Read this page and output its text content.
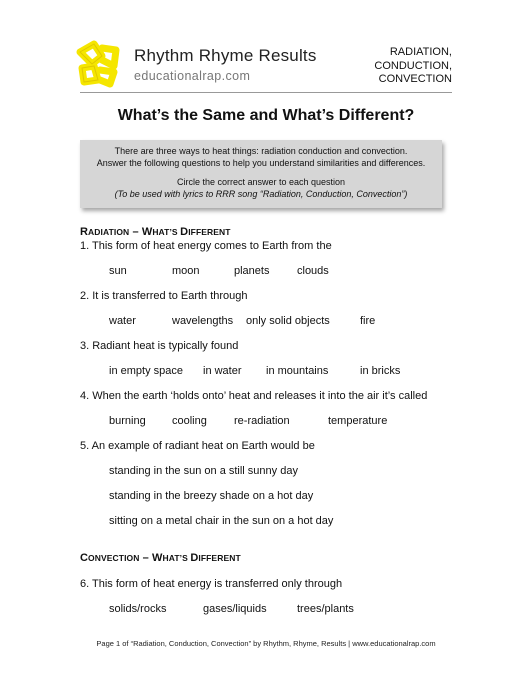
Rhythm Rhyme Results
educationalrap.com
RADIATION,
CONDUCTION,
CONVECTION
What’s the Same and What’s Different?
There are three ways to heat things: radiation conduction and convection.
Answer the following questions to help you understand similarities and differences.
Circle the correct answer to each question
(To be used with lyrics to RRR song “Radiation, Conduction, Convection”)
RADIATION – WHAT’S DIFFERENT
1. This form of heat energy comes to Earth from the
sun	moon	planets	clouds
2. It is transferred to Earth through
water	wavelengths only solid objects	fire
3. Radiant heat is typically found
in empty space in water in mountains	in bricks
4. When the earth ‘holds onto’ heat and releases it into the air it’s called
burning cooling re-radiation	temperature
5. An example of radiant heat on Earth would be
standing in the sun on a still sunny day
standing in the breezy shade on a hot day
sitting on a metal chair in the sun on a hot day
CONVECTION – WHAT’S DIFFERENT
6. This form of heat energy is transferred only through
solids/rocks	gases/liquids	trees/plants
Page 1 of “Radiation, Conduction, Convection” by Rhythm, Rhyme, Results | www.educationalrap.com
